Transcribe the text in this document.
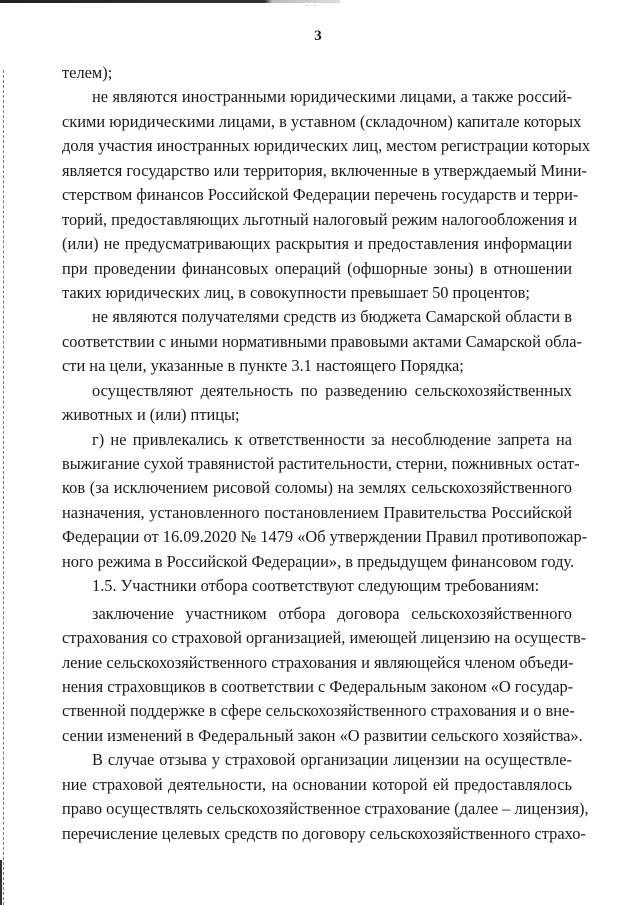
~·~
3
телем);
не являются иностранными юридическими лицами, а также россий-
скими юридическими лицами, в уставном (складочном) капитале которых
доля участия иностранных юридических лиц, местом регистрации которых
является государство или территория, включенные в утверждаемый Мини-
стерством финансов Российской Федерации перечень государств и терри-
торий, предоставляющих льготный налоговый режим налогообложения и
(или) не предусматривающих раскрытия и предоставления информации
при проведении финансовых операций (офшорные зоны) в отношении
таких юридических лиц, в совокупности превышает 50 процентов;
не являются получателями средств из бюджета Самарской области в
соответствии с иными нормативными правовыми актами Самарской обла-
сти на цели, указанные в пункте 3.1 настоящего Порядка;
осуществляют деятельность по разведению сельскохозяйственных
животных и (или) птицы;
г) не привлекались к ответственности за несоблюдение запрета на
выжигание сухой травянистой растительности, стерни, пожнивных остат-
ков (за исключением рисовой соломы) на землях сельскохозяйственного
назначения, установленного постановлением Правительства Российской
Федерации от 16.09.2020 № 1479 «Об утверждении Правил противопожар-
ного режима в Российской Федерации», в предыдущем финансовом году.
1.5. Участники отбора соответствуют следующим требованиям:
заключение участником отбора договора сельскохозяйственного
страхования со страховой организацией, имеющей лицензию на осуществ-
ление сельскохозяйственного страхования и являющейся членом объеди-
нения страховщиков в соответствии с Федеральным законом «О государ-
ственной поддержке в сфере сельскохозяйственного страхования и о вне-
сении изменений в Федеральный закон «О развитии сельского хозяйства».
В случае отзыва у страховой организации лицензии на осуществле-
ние страховой деятельности, на основании которой ей предоставлялось
право осуществлять сельскохозяйственное страхование (далее – лицензия),
перечисление целевых средств по договору сельскохозяйственного страхо-
